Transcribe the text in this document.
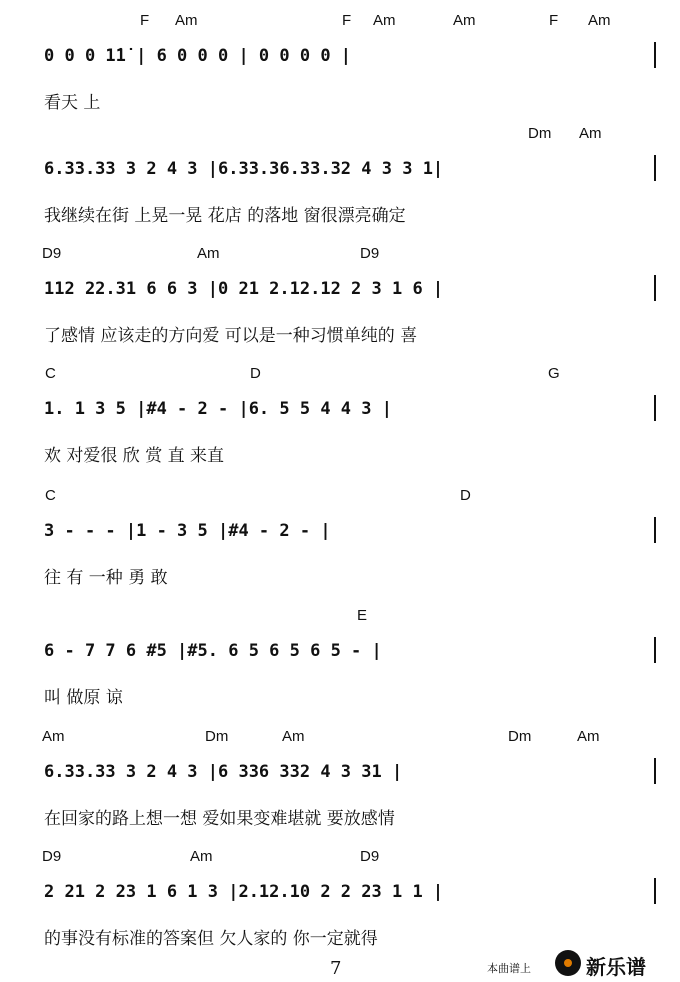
F Am	F Am	Am	F Am
0 0 0 1̇1̇ | 6 0 0 0 | 0 0 0 0 |
看天 上
Dm Am
6.33.33 3 2 4 3 |6.33.36.33.32 4 3 3 1|
我继续在街 上晃一晃 花店 的落地 窗很漂亮确定
D9	Am	D9
112 22.31 6 6 3 |0 21 2.12.12 2 3 1 6 |
了感情 应该走的方向爱 可以是一种习惯单纯的 喜
C	D	G
1. 1 3 5 |#4 - 2 - |6. 5 5 4 4 3 |
欢 对爱很 欣 赏 直 来直
C	D
3 - - - |1 - 3 5 |#4 - 2 - |
往 有 一种 勇 敢
E
6 - 7 7 6 #5 |#5. 6 5 6 5 6 5 - |
叫 做原 谅
Am	Dm	Am	Dm	Am
6.33.33 3 2 4 3 |6 336 332 4 3 31 |
在回家的路上想一想 爱如果变难堪就 要放感情
D9	Am	D9
2 21 2 23 1 6 1 3 |2.12.10 2 2 23 1 1 |
的事没有标准的答案但 欠人家的 你一定就得
7	本曲谱上	新乐谱
